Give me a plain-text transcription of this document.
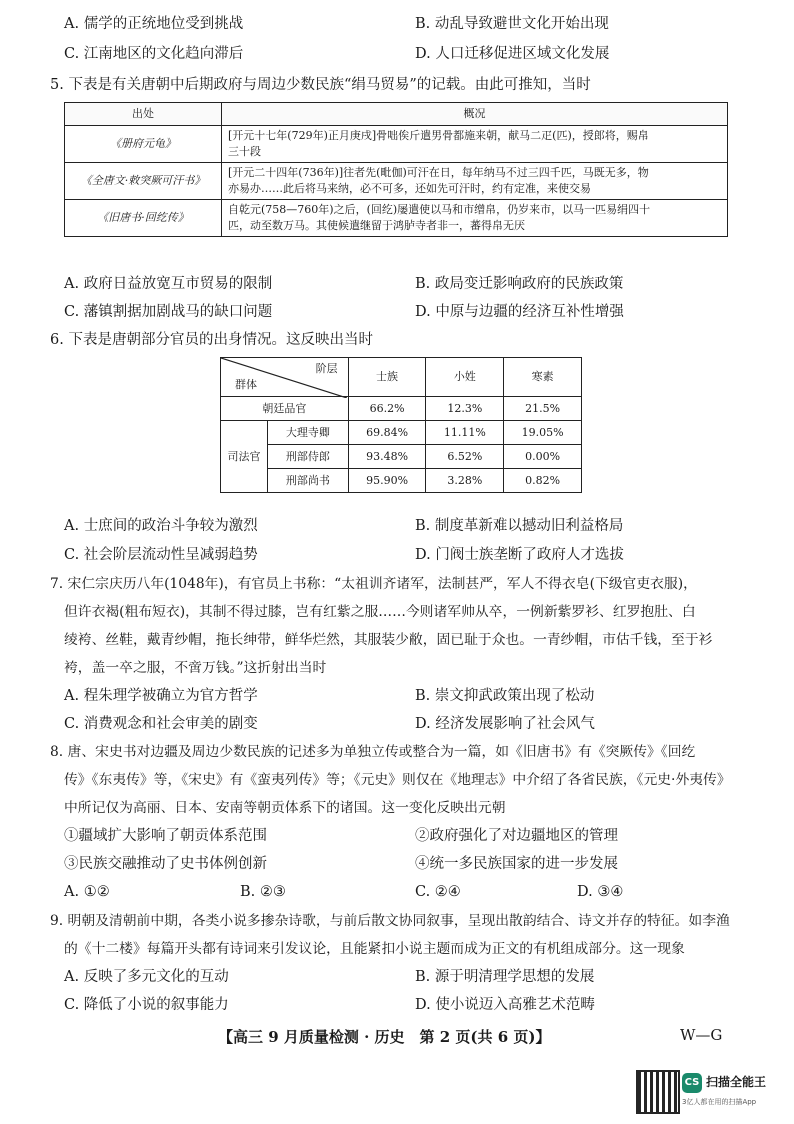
A. 儒学的正统地位受到挑战	B. 动乱导致避世文化开始出现
C. 江南地区的文化趋向滞后	D. 人口迁移促进区域文化发展
5. 下表是有关唐朝中后期政府与周边少数民族“绢马贸易”的记载。由此可推知，当时
出处	概况
《册府元龟》	[开元十七年(729年)正月庚戌]骨咄俟斤遣男骨都施来朝，献马二疋(匹)，授郎将，赐帛
三十段

《全唐文·敕突厥可汗书》	[开元二十四年(736年)]往者先(毗伽)可汗在日，每年纳马不过三四千匹，马既无多，物
亦易办……此后将马来纳，必不可多，还如先可汗时，约有定准，来使交易

《旧唐书·回纥传》	自乾元(758—760年)之后，(回纥)屡遣使以马和市缯帛，仍岁来市，以马一匹易绢四十
匹，动至数万马。其使候遣继留于鸿胪寺者非一，蕃得帛无厌
A. 政府日益放宽互市贸易的限制	B. 政局变迁影响政府的民族政策
C. 藩镇割据加剧战马的缺口问题	D. 中原与边疆的经济互补性增强
6. 下表是唐朝部分官员的出身情况。这反映出当时
阶层
群体		士族	小姓	寒素
朝廷品官		66.2%	12.3%	21.5%
司法官	大理寺卿	69.84%	11.11%	19.05%
	刑部侍郎	93.48%	6.52%	0.00%
	刑部尚书	95.90%	3.28%	0.82%
A. 士庶间的政治斗争较为激烈	B. 制度革新难以撼动旧利益格局
C. 社会阶层流动性呈减弱趋势	D. 门阀士族垄断了政府人才选拔
7. 宋仁宗庆历八年(1048年)，有官员上书称：“太祖训齐诸军，法制甚严，军人不得衣皂(下级官吏衣服)，
但许衣褐(粗布短衣)，其制不得过膝，岂有红紫之服……今则诸军帅从卒，一例新紫罗衫、红罗抱肚、白
绫袴、丝鞋，戴青纱帽，拖长绅带，鲜华烂然，其服装少敝，固已耻于众也。一青纱帽，市估千钱，至于衫
袴，盖一卒之服，不啻万钱。”这折射出当时
A. 程朱理学被确立为官方哲学	B. 崇文抑武政策出现了松动
C. 消费观念和社会审美的剧变	D. 经济发展影响了社会风气
8. 唐、宋史书对边疆及周边少数民族的记述多为单独立传或整合为一篇，如《旧唐书》有《突厥传》《回纥
传》《东夷传》等，《宋史》有《蛮夷列传》等；《元史》则仅在《地理志》中介绍了各省民族，《元史·外夷传》
中所记仅为高丽、日本、安南等朝贡体系下的诸国。这一变化反映出元朝
①疆域扩大影响了朝贡体系范围	②政府强化了对边疆地区的管理
③民族交融推动了史书体例创新	④统一多民族国家的进一步发展
A. ①②	B. ②③	C. ②④	D. ③④
9. 明朝及清朝前中期，各类小说多掺杂诗歌，与前后散文协同叙事，呈现出散韵结合、诗文并存的特征。如李渔
的《十二楼》每篇开头都有诗词来引发议论，且能紧扣小说主题而成为正文的有机组成部分。这一现象
A. 反映了多元文化的互动	B. 源于明清理学思想的发展
C. 降低了小说的叙事能力	D. 使小说迈入高雅艺术范畴
【高三 9 月质量检测 · 历史　第 2 页(共 6 页)】	W—G
CS 扫描全能王
3亿人都在用的扫描App
